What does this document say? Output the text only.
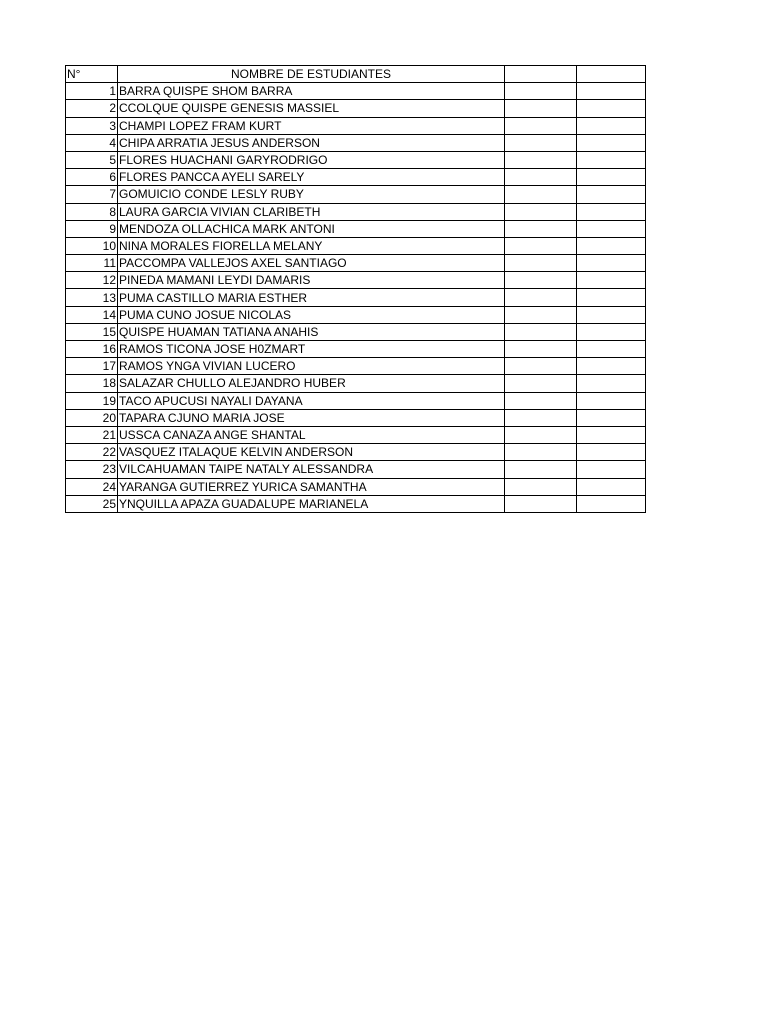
N°	NOMBRE DE ESTUDIANTES		
1	BARRA QUISPE SHOM BARRA		
2	CCOLQUE QUISPE GENESIS MASSIEL		
3	CHAMPI LOPEZ FRAM KURT		
4	CHIPA ARRATIA JESUS ANDERSON		
5	FLORES HUACHANI GARYRODRIGO		
6	FLORES PANCCA AYELI SARELY		
7	GOMUICIO CONDE LESLY RUBY		
8	LAURA GARCIA VIVIAN CLARIBETH		
9	MENDOZA OLLACHICA MARK ANTONI		
10	NINA MORALES FIORELLA MELANY		
11	PACCOMPA VALLEJOS AXEL SANTIAGO		
12	PINEDA MAMANI LEYDI DAMARIS		
13	PUMA CASTILLO MARIA ESTHER		
14	PUMA CUNO JOSUE NICOLAS		
15	QUISPE HUAMAN TATIANA ANAHIS		
16	RAMOS TICONA JOSE H0ZMART		
17	RAMOS YNGA VIVIAN LUCERO		
18	SALAZAR CHULLO ALEJANDRO HUBER		
19	TACO APUCUSI NAYALI DAYANA		
20	TAPARA CJUNO MARIA JOSE		
21	USSCA CANAZA ANGE SHANTAL		
22	VASQUEZ ITALAQUE KELVIN ANDERSON		
23	VILCAHUAMAN TAIPE NATALY ALESSANDRA		
24	YARANGA GUTIERREZ YURICA SAMANTHA		
25	YNQUILLA APAZA GUADALUPE MARIANELA		
